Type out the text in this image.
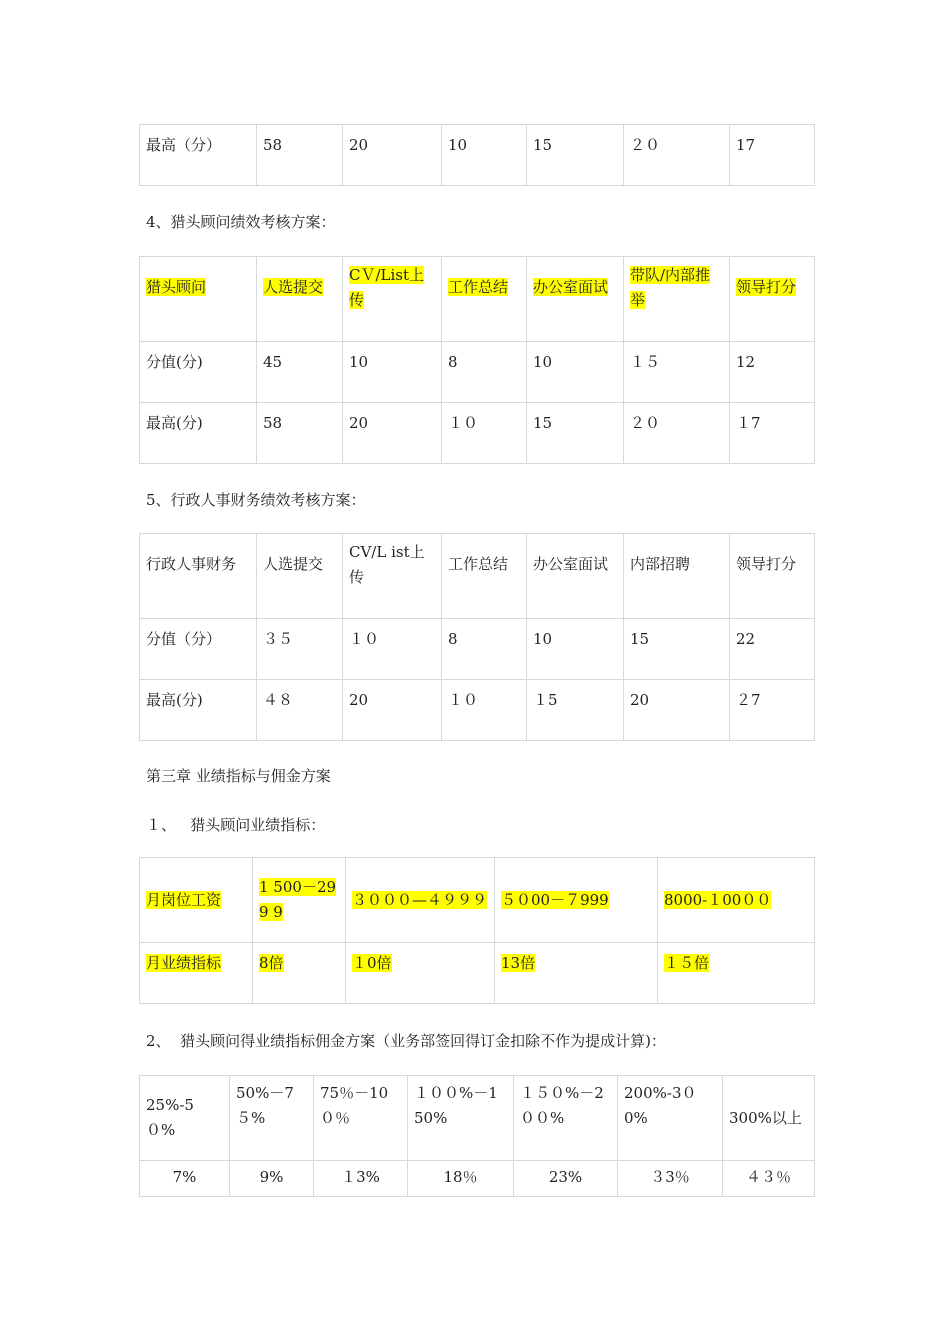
最高（分）	58	20	10	15	２０	17
4、猎头顾问绩效考核方案：
猎头顾问	人选提交	CＶ/List上传	工作总结	办公室面试	带队/内部推举	领导打分
分值(分)	45	10	8	10	１５	12
最高(分)	58	20	１０	15	２０	１7
5、行政人事财务绩效考核方案：
行政人事财务	人选提交	CV/L ist上传	工作总结	办公室面试	内部招聘	领导打分
分值（分）	３５	１０	8	10	15	22
最高(分)	４８	20	１０	１5	20	２7
第三章 业绩指标与佣金方案
１、   猎头顾问业绩指标：
月岗位工资	1 500－299 9	３０００—４９９９	５０00－７999	8000-１00００
月业绩指标	8倍	１0倍	13倍	１５倍
2、  猎头顾问得业绩指标佣金方案（业务部签回得订金扣除不作为提成计算)：
25%-5０%	50%－7５%	75％－10０％	１００%－150%	１５０%－2００%	200%-3０0%	300%以上
7%	9%	１3%	18％	23%	３3％	４３％
